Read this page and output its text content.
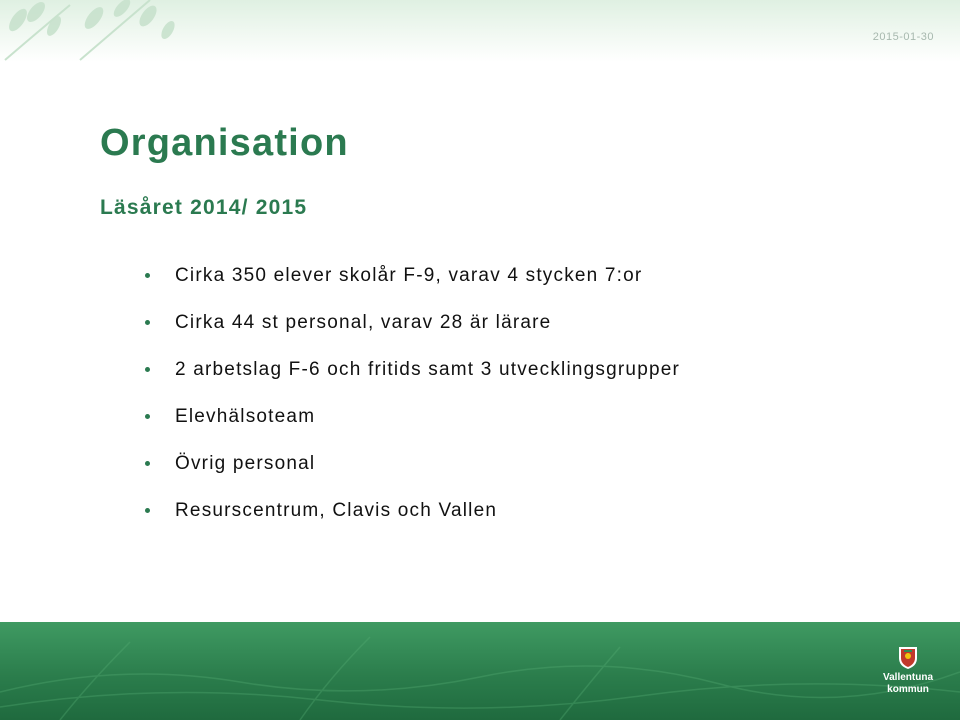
2015-01-30
Organisation
Läsåret 2014/ 2015
Cirka 350 elever skolår F-9, varav 4 stycken 7:or
Cirka 44 st personal, varav 28 är lärare
2 arbetslag F-6 och fritids samt 3 utvecklingsgrupper
Elevhälsoteam
Övrig personal
Resurscentrum, Clavis och Vallen
Vallentuna
kommun
